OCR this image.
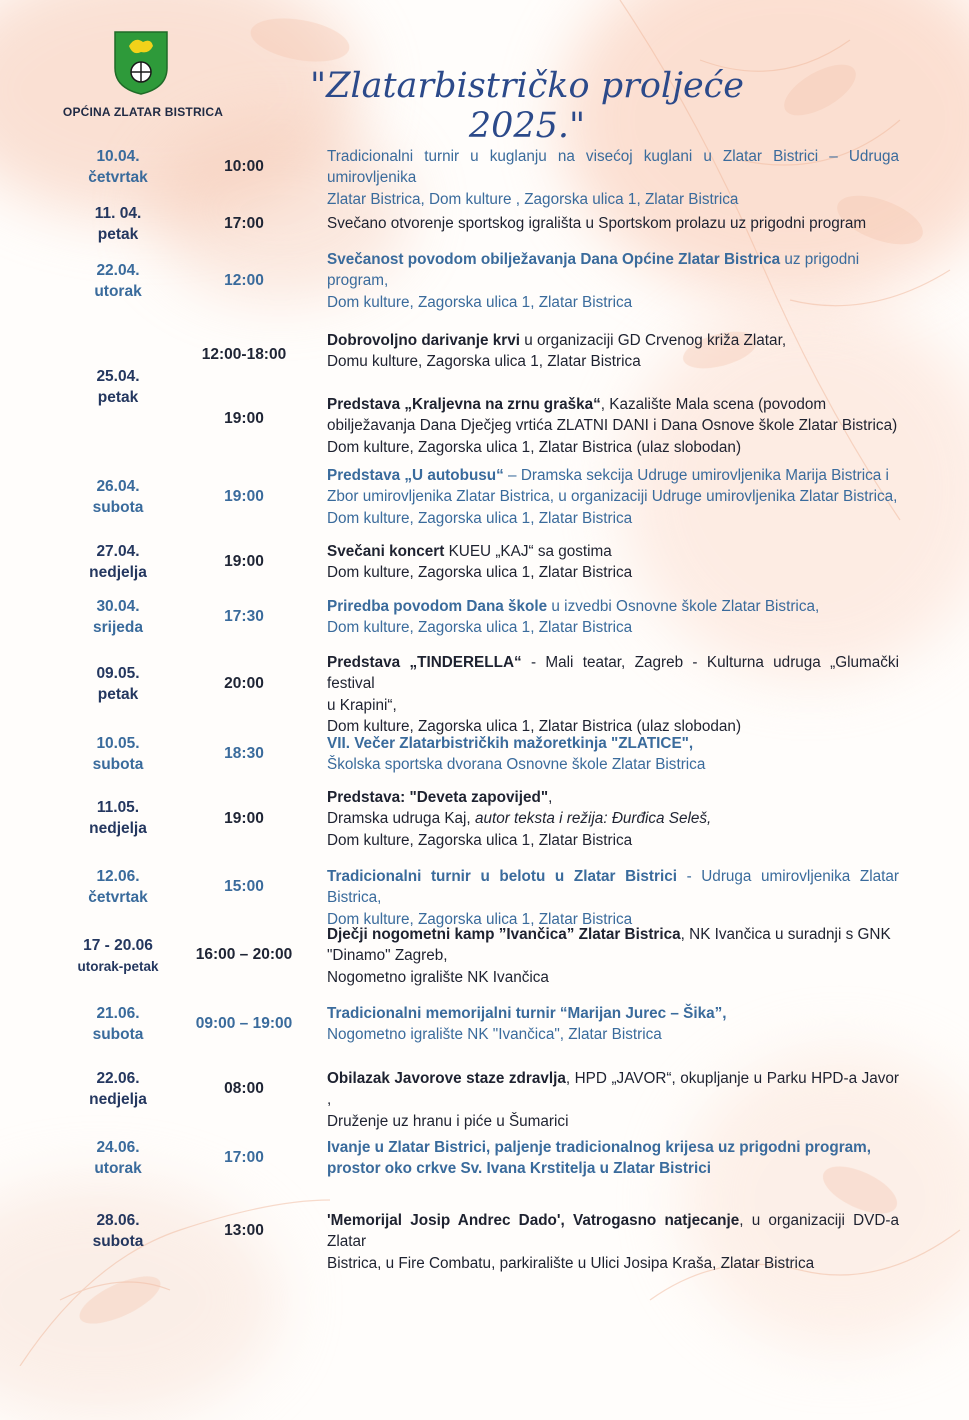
OPĆINA ZLATAR BISTRICA
"Zlatarbistričko proljeće 2025."
10.04.
četvrtak
10:00
Tradicionalni turnir u kuglanju na visećoj kuglani u Zlatar Bistrici – Udruga umirovljenika
Zlatar Bistrica, Dom kulture , Zagorska ulica 1, Zlatar Bistrica
11. 04.
petak
17:00	Svečano otvorenje sportskog igrališta u Sportskom prolazu uz prigodni program
22.04.
utorak
12:00
Svečanost povodom obilježavanja Dana Općine Zlatar Bistrica uz prigodni
program,
Dom kulture, Zagorska ulica 1, Zlatar Bistrica
25.04.
petak
12:00-18:00
Dobrovoljno darivanje krvi u organizaciji GD Crvenog križa Zlatar,
Domu kulture, Zagorska ulica 1, Zlatar Bistrica
19:00
Predstava „Kraljevna na zrnu graška“, Kazalište Mala scena (povodom
obilježavanja Dana Dječjeg vrtića ZLATNI DANI i Dana Osnove škole Zlatar Bistrica)
Dom kulture, Zagorska ulica 1, Zlatar Bistrica (ulaz slobodan)
26.04.
subota
19:00
Predstava „U autobusu“ – Dramska sekcija Udruge umirovljenika Marija Bistrica i
Zbor umirovljenika Zlatar Bistrica, u organizaciji Udruge umirovljenika Zlatar Bistrica,
Dom kulture, Zagorska ulica 1, Zlatar Bistrica
27.04.
nedjelja
19:00
Svečani koncert KUEU „KAJ“ sa gostima
Dom kulture, Zagorska ulica 1, Zlatar Bistrica
30.04.
srijeda
17:30
Priredba povodom Dana škole u izvedbi Osnovne škole Zlatar Bistrica,
Dom kulture, Zagorska ulica 1, Zlatar Bistrica
09.05.
petak
20:00
Predstava „TINDERELLA“ - Mali teatar, Zagreb - Kulturna udruga „Glumački festival
u Krapini“,
Dom kulture, Zagorska ulica 1, Zlatar Bistrica (ulaz slobodan)
10.05.
subota
18:30
VII. Večer Zlatarbistričkih mažoretkinja "ZLATICE",
Školska sportska dvorana Osnovne škole Zlatar Bistrica
11.05.
nedjelja
19:00
Predstava: "Deveta zapovijed",
Dramska udruga Kaj, autor teksta i režija: Đurđica Seleš,
Dom kulture, Zagorska ulica 1, Zlatar Bistrica
12.06.
četvrtak
15:00
Tradicionalni turnir u belotu u Zlatar Bistrici - Udruga umirovljenika Zlatar Bistrica,
Dom kulture, Zagorska ulica 1, Zlatar Bistrica
17 - 20.06
utorak-petak
16:00 – 20:00
Dječji nogometni kamp ”Ivančica” Zlatar Bistrica, NK Ivančica u suradnji s GNK
"Dinamo" Zagreb,
Nogometno igralište NK Ivančica
21.06.
subota
09:00 – 19:00
Tradicionalni memorijalni turnir “Marijan Jurec – Šika”,
Nogometno igralište NK "Ivančica", Zlatar Bistrica
22.06.
nedjelja
08:00
Obilazak Javorove staze zdravlja, HPD „JAVOR“, okupljanje u Parku HPD-a Javor ,
Druženje uz hranu i piće u Šumarici
24.06.
utorak
17:00
Ivanje u Zlatar Bistrici, paljenje tradicionalnog krijesa uz prigodni program,
prostor oko crkve Sv. Ivana Krstitelja u Zlatar Bistrici
28.06.
subota
13:00
'Memorijal Josip Andrec Dado', Vatrogasno natjecanje, u organizaciji DVD-a Zlatar
Bistrica, u Fire Combatu, parkiralište u Ulici Josipa Kraša, Zlatar Bistrica
